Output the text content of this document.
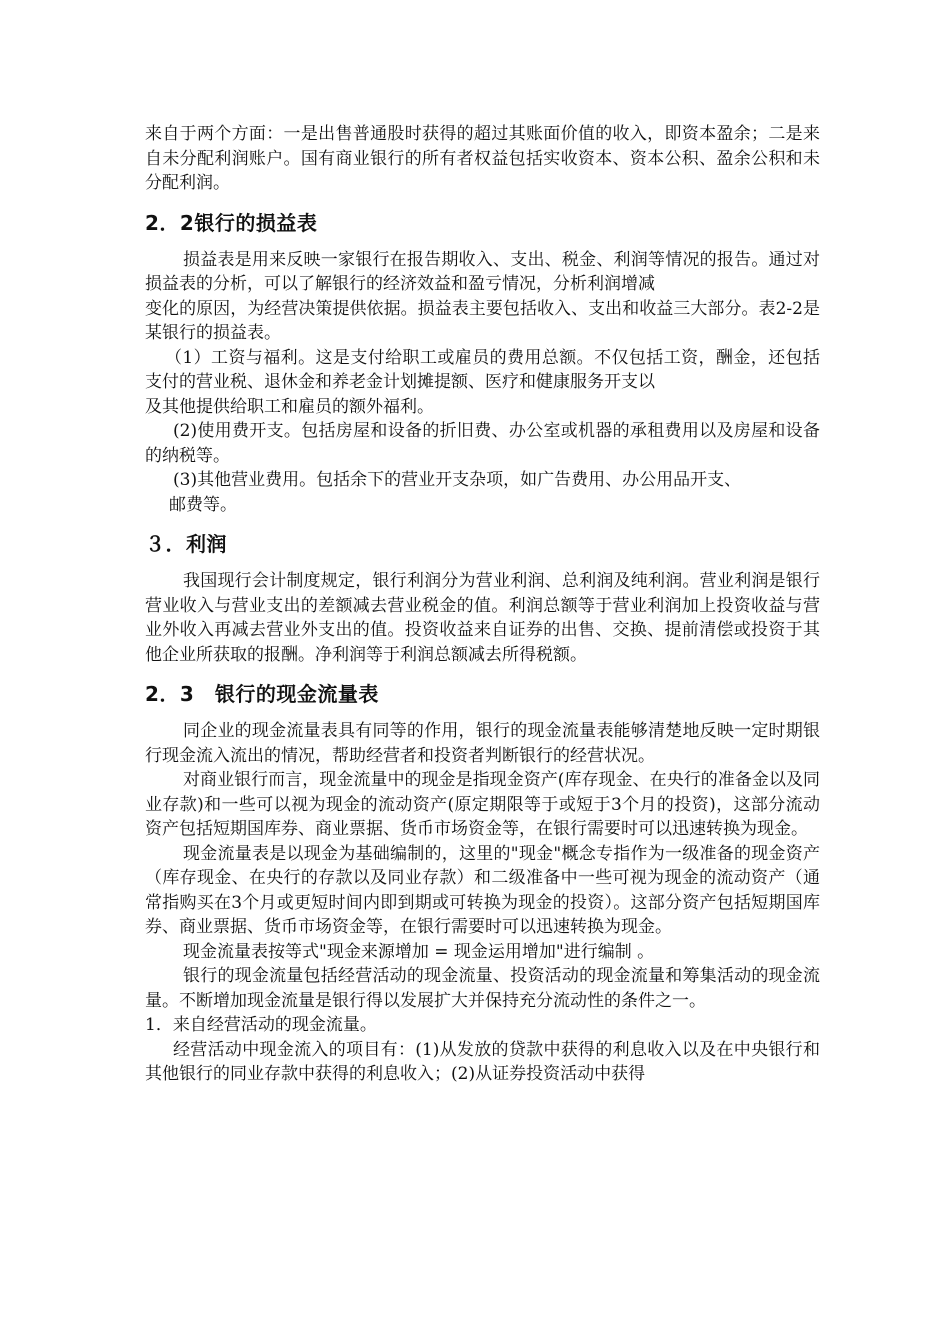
来自于两个方面：一是出售普通股时获得的超过其账面价值的收入，即资本盈余；二是来自未分配利润账户。国有商业银行的所有者权益包括实收资本、资本公积、盈余公积和未分配利润。

2．2银行的损益表

损益表是用来反映一家银行在报告期收入、支出、税金、利润等情况的报告。通过对损益表的分析，可以了解银行的经济效益和盈亏情况，分析利润增减

变化的原因，为经营决策提供依据。损益表主要包括收入、支出和收益三大部分。表2-2是某银行的损益表。

（1）工资与福利。这是支付给职工或雇员的费用总额。不仅包括工资，酬金，还包括支付的营业税、退休金和养老金计划摊提额、医疗和健康服务开支以

及其他提供给职工和雇员的额外福利。

(2)使用费开支。包括房屋和设备的折旧费、办公室或机器的承租费用以及房屋和设备的纳税等。

(3)其他营业费用。包括余下的营业开支杂项，如广告费用、办公用品开支、

邮费等。

３．利润

我国现行会计制度规定，银行利润分为营业利润、总利润及纯利润。营业利润是银行营业收入与营业支出的差额减去营业税金的值。利润总额等于营业利润加上投资收益与营业外收入再减去营业外支出的值。投资收益来自证券的出售、交换、提前清偿或投资于其他企业所获取的报酬。净利润等于利润总额减去所得税额。

2．3　银行的现金流量表

同企业的现金流量表具有同等的作用，银行的现金流量表能够清楚地反映一定时期银行现金流入流出的情况，帮助经营者和投资者判断银行的经营状况。

对商业银行而言，现金流量中的现金是指现金资产(库存现金、在央行的准备金以及同业存款)和一些可以视为现金的流动资产(原定期限等于或短于3个月的投资)，这部分流动资产包括短期国库券、商业票据、货币市场资金等，在银行需要时可以迅速转换为现金。

现金流量表是以现金为基础编制的，这里的"现金"概念专指作为一级准备的现金资产（库存现金、在央行的存款以及同业存款）和二级准备中一些可视为现金的流动资产（通常指购买在3个月或更短时间内即到期或可转换为现金的投资）。这部分资产包括短期国库券、商业票据、货币市场资金等，在银行需要时可以迅速转换为现金。

现金流量表按等式"现金来源增加 = 现金运用增加"进行编制 。

银行的现金流量包括经营活动的现金流量、投资活动的现金流量和筹集活动的现金流量。不断增加现金流量是银行得以发展扩大并保持充分流动性的条件之一。

1．来自经营活动的现金流量。

经营活动中现金流入的项目有：(1)从发放的贷款中获得的利息收入以及在中央银行和其他银行的同业存款中获得的利息收入；(2)从证券投资活动中获得
